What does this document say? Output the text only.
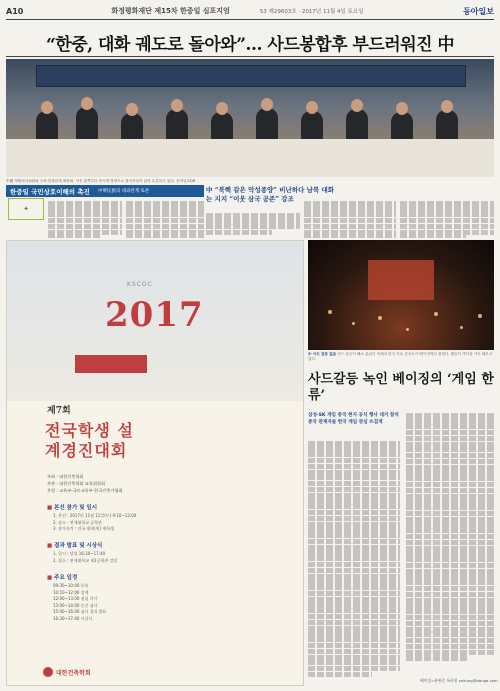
A10	화정평화재단 제15차 한중일 심포지엄	53 제29603호 · 2017년 11월 4일 토요일	동아일보
“한중, 대화 궤도로 돌아와”… 사드봉합후 부드러워진 中
中國 정협외사위원회 주최 한중관계 좌담회. 사진 왼쪽부터 반시계 방향으로 참석자들이 앉아 토론하고 있다. 동아일보DB
한중일 국민상호이해의 촉진 中華民族의 대외관계 토론	中 “북핵 같은 악성종양” 비난하다 남북 대화는 지지 “이웃 삼국 공존” 강조
✦
KSCOC
2017
제7회
전국학생 설계경진대회
주최 : 대한건축학회
주관 : 대한건축학회 교육위원회
후원 : 교육부·국토교통부·한국건축가협회
■ 본선 참가 및 일시
1. 본선 : 2017년 11월 11일(토) 9:10~12:00
2. 장소 : 연세대학교 공학관
3. 참가자격 : 전국 대학(원) 재학생
■ 결과 발표 및 시상식
1. 일시 : 당일 16:30~17:40
2. 장소 : 연세대학교 제1공학관 강당
■ 주요 일정
09:30~10:00 등록
10:10~12:00 설계
12:00~13:00 점심 식사
13:00~14:00 중간 심사
15:00~16:00 심사 결과 발표
16:30~17:40 시상식
대한건축학회
中 사드 갈등 없음 사드 갈등이 해소 분위기 속에서 한국 가수 콘서트가 베이징에서 열렸다. 팬들이 객석을 가득 메우고 있다.
사드갈등 녹인 베이징의 ‘게임 한류’
삼성·SK 게임 중국 현지 공식 행사 대거 참석 중국 관계자들 한국 게임 관심 뜨겁게
베이징=윤완준 특파원 zeitung@donga.com
